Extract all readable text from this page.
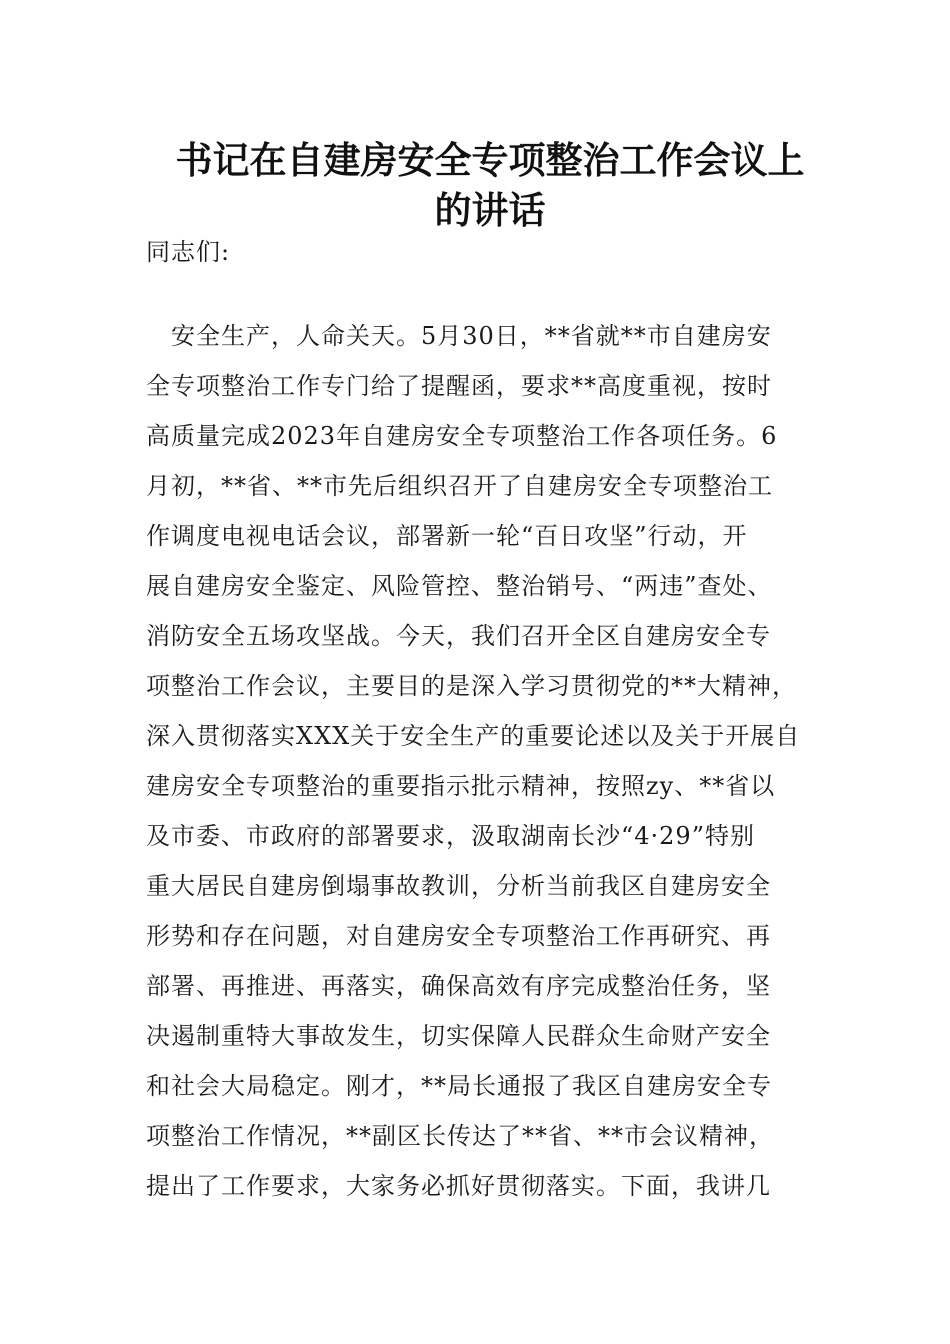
书记在自建房安全专项整治工作会议上
的讲话
同志们:
　安全生产，人命关天。5月30日，**省就**市自建房安
全专项整治工作专门给了提醒函，要求**高度重视，按时
高质量完成2023年自建房安全专项整治工作各项任务。6
月初，**省、**市先后组织召开了自建房安全专项整治工
作调度电视电话会议，部署新一轮“百日攻坚”行动，开
展自建房安全鉴定、风险管控、整治销号、“两违”查处、
消防安全五场攻坚战。今天，我们召开全区自建房安全专
项整治工作会议，主要目的是深入学习贯彻党的**大精神，
深入贯彻落实XXX关于安全生产的重要论述以及关于开展自
建房安全专项整治的重要指示批示精神，按照zy、**省以
及市委、市政府的部署要求，汲取湖南长沙“4·29”特别
重大居民自建房倒塌事故教训，分析当前我区自建房安全
形势和存在问题，对自建房安全专项整治工作再研究、再
部署、再推进、再落实，确保高效有序完成整治任务，坚
决遏制重特大事故发生，切实保障人民群众生命财产安全
和社会大局稳定。刚才，**局长通报了我区自建房安全专
项整治工作情况，**副区长传达了**省、**市会议精神，
提出了工作要求，大家务必抓好贯彻落实。下面，我讲几
